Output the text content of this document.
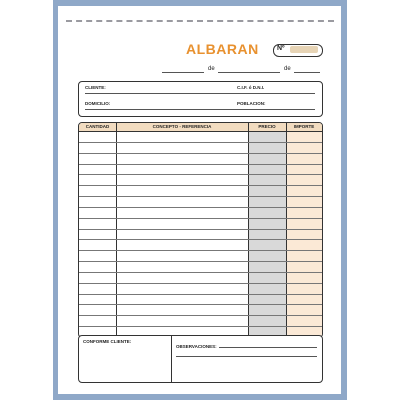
ALBARAN	Nº
de	de
CLIENTE:	C.I.F. ó D.N.I.
DOMICILIO:	POBLACION:
CANTIDAD	CONCEPTO - REFERENCIA	PRECIO	IMPORTE
CONFORME CLIENTE:
OBSERVACIONES:
